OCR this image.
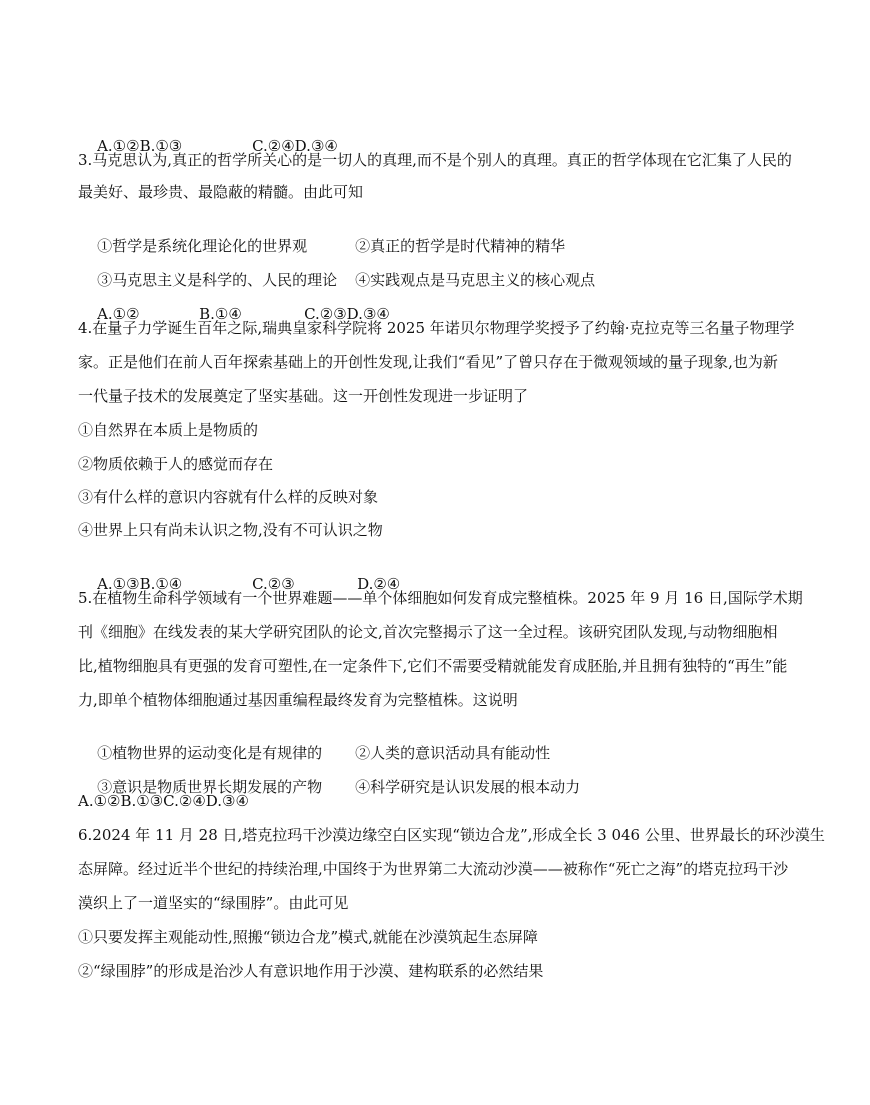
A.①②B.①③	C.②④D.③④

3.马克思认为,真正的哲学所关心的是一切人的真理,而不是个别人的真理。真正的哲学体现在它汇集了人民的
最美好、最珍贵、最隐蔽的精髓。由此可知

①哲学是系统化理论化的世界观	②真正的哲学是时代精神的精华

③马克思主义是科学的、人民的理论 ④实践观点是马克思主义的核心观点

A.①②	B.①④	C.②③D.③④

4.在量子力学诞生百年之际,瑞典皇家科学院将 2025 年诺贝尔物理学奖授予了约翰·克拉克等三名量子物理学
家。正是他们在前人百年探索基础上的开创性发现,让我们“看见”了曾只存在于微观领域的量子现象,也为新
一代量子技术的发展奠定了坚实基础。这一开创性发现进一步证明了
①自然界在本质上是物质的
②物质依赖于人的感觉而存在
③有什么样的意识内容就有什么样的反映对象
④世界上只有尚未认识之物,没有不可认识之物

A.①③B.①④	C.②③	D.②④

5.在植物生命科学领域有一个世界难题——单个体细胞如何发育成完整植株。2025 年 9 月 16 日,国际学术期
刊《细胞》在线发表的某大学研究团队的论文,首次完整揭示了这一全过程。该研究团队发现,与动物细胞相
比,植物细胞具有更强的发育可塑性,在一定条件下,它们不需要受精就能发育成胚胎,并且拥有独特的“再生”能
力,即单个植物体细胞通过基因重编程最终发育为完整植株。这说明

①植物世界的运动变化是有规律的 ②人类的意识活动具有能动性

③意识是物质世界长期发展的产物 ④科学研究是认识发展的根本动力

A.①②B.①③C.②④D.③④
6.2024 年 11 月 28 日,塔克拉玛干沙漠边缘空白区实现“锁边合龙”,形成全长 3 046 公里、世界最长的环沙漠生
态屏障。经过近半个世纪的持续治理,中国终于为世界第二大流动沙漠——被称作“死亡之海”的塔克拉玛干沙
漠织上了一道坚实的“绿围脖”。由此可见
①只要发挥主观能动性,照搬“锁边合龙”模式,就能在沙漠筑起生态屏障
②“绿围脖”的形成是治沙人有意识地作用于沙漠、建构联系的必然结果
